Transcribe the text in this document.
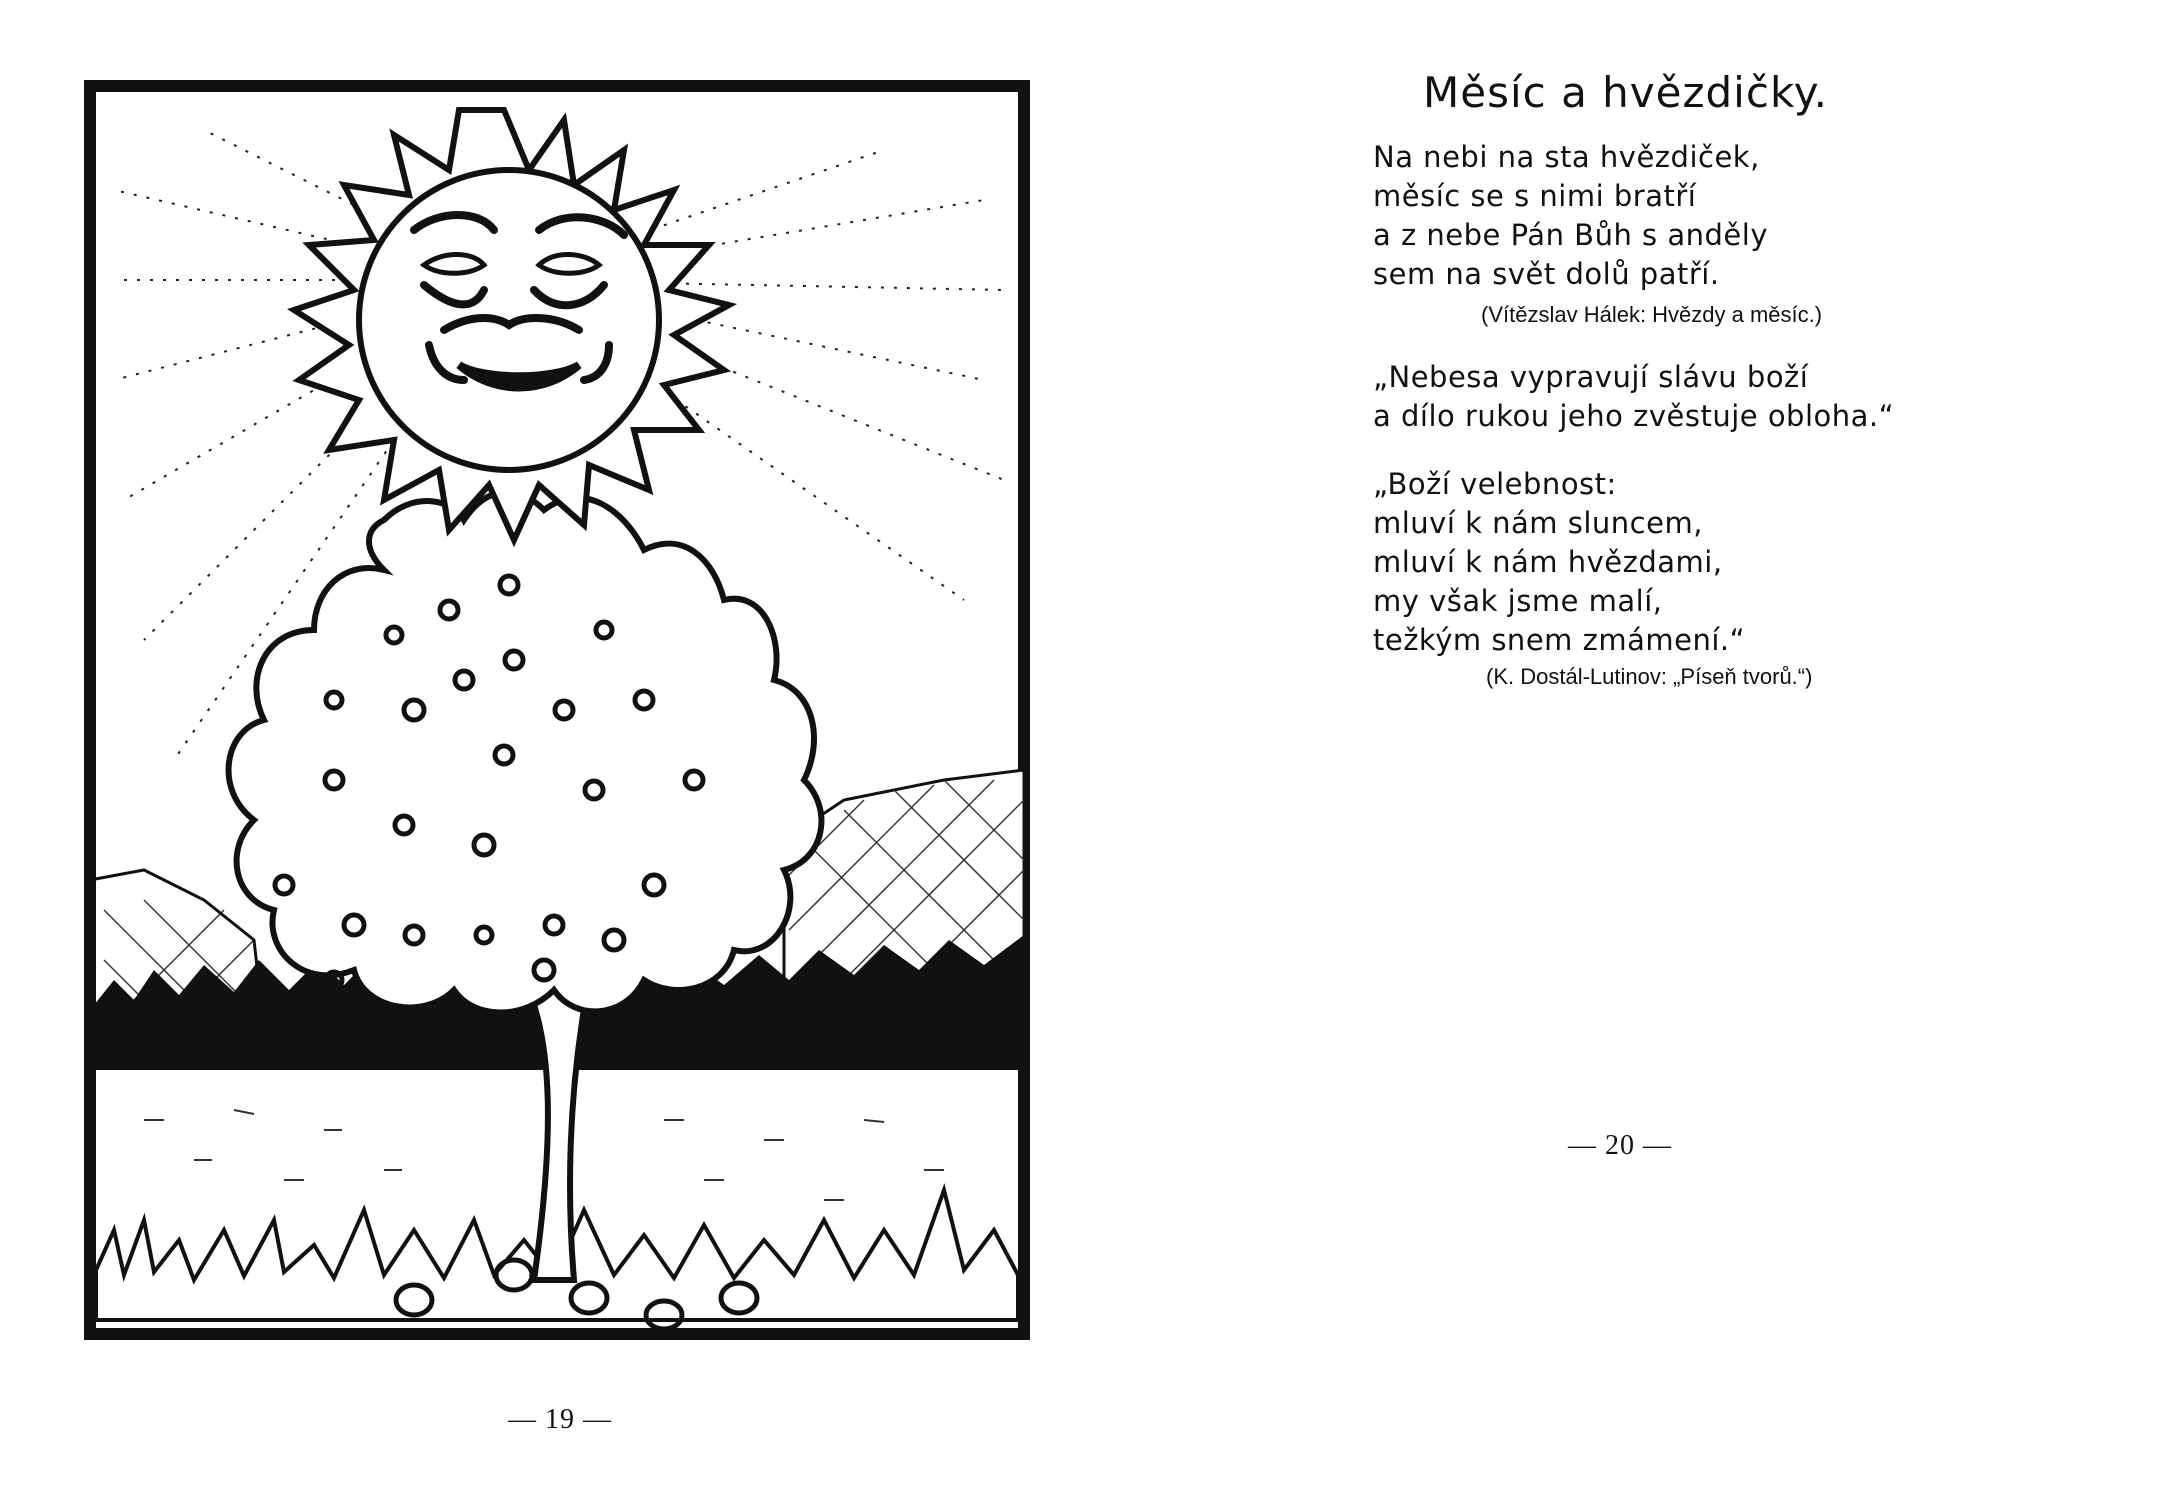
— 19 —
Měsíc a hvězdičky.
Na nebi na sta hvězdiček,
měsíc se s nimi bratří
a z nebe Pán Bůh s anděly
sem na svět dolů patří.
(Vítězslav Hálek: Hvězdy a měsíc.)
„Nebesa vypravují slávu boží
a dílo rukou jeho zvěstuje obloha.“
„Boží velebnost:
mluví k nám sluncem,
mluví k nám hvězdami,
my však jsme malí,
težkým snem zmámení.“
(K. Dostál-Lutinov: „Píseň tvorů.“)
— 20 —
